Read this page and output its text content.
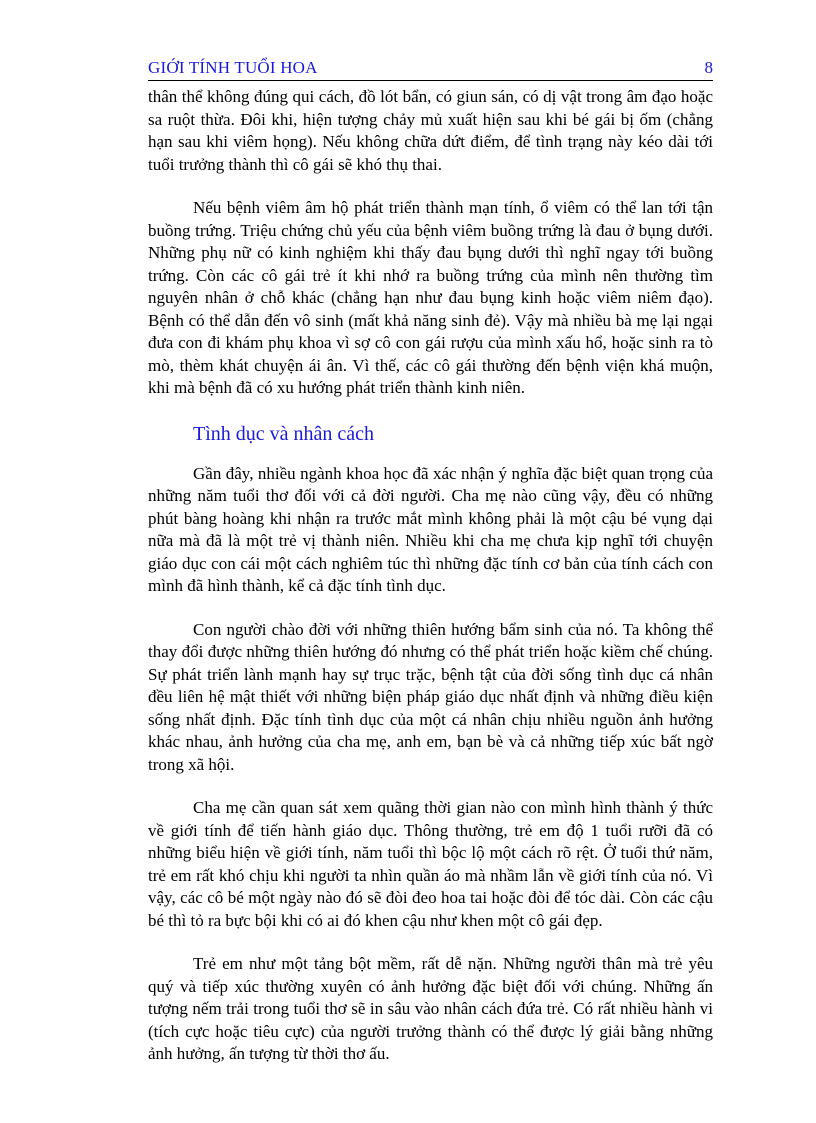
GIỚI TÍNH TUỔI HOA	8

thân thể không đúng qui cách, đồ lót bẩn, có giun sán, có dị vật trong âm đạo hoặc sa ruột thừa. Đôi khi, hiện tượng chảy mủ xuất hiện sau khi bé gái bị ốm (chẳng hạn sau khi viêm họng). Nếu không chữa dứt điểm, để tình trạng này kéo dài tới tuổi trưởng thành thì cô gái sẽ khó thụ thai.

Nếu bệnh viêm âm hộ phát triển thành mạn tính, ổ viêm có thể lan tới tận buồng trứng. Triệu chứng chủ yếu của bệnh viêm buồng trứng là đau ở bụng dưới. Những phụ nữ có kinh nghiệm khi thấy đau bụng dưới thì nghĩ ngay tới buồng trứng. Còn các cô gái trẻ ít khi nhớ ra buồng trứng của mình nên thường tìm nguyên nhân ở chỗ khác (chẳng hạn như đau bụng kinh hoặc viêm niêm đạo). Bệnh có thể dẫn đến vô sinh (mất khả năng sinh đẻ). Vậy mà nhiều bà mẹ lại ngại đưa con đi khám phụ khoa vì sợ cô con gái rượu của mình xấu hổ, hoặc sinh ra tò mò, thèm khát chuyện ái ân. Vì thế, các cô gái thường đến bệnh viện khá muộn, khi mà bệnh đã có xu hướng phát triển thành kinh niên.

Tình dục và nhân cách

Gần đây, nhiều ngành khoa học đã xác nhận ý nghĩa đặc biệt quan trọng của những năm tuổi thơ đối với cả đời người. Cha mẹ nào cũng vậy, đều có những phút bàng hoàng khi nhận ra trước mắt mình không phải là một cậu bé vụng dại nữa mà đã là một trẻ vị thành niên. Nhiều khi cha mẹ chưa kịp nghĩ tới chuyện giáo dục con cái một cách nghiêm túc thì những đặc tính cơ bản của tính cách con mình đã hình thành, kể cả đặc tính tình dục.

Con người chào đời với những thiên hướng bẩm sinh của nó. Ta không thể thay đổi được những thiên hướng đó nhưng có thể phát triển hoặc kiềm chế chúng. Sự phát triển lành mạnh hay sự trục trặc, bệnh tật của đời sống tình dục cá nhân đều liên hệ mật thiết với những biện pháp giáo dục nhất định và những điều kiện sống nhất định. Đặc tính tình dục của một cá nhân chịu nhiều nguồn ảnh hưởng khác nhau, ảnh hưởng của cha mẹ, anh em, bạn bè và cả những tiếp xúc bất ngờ trong xã hội.

Cha mẹ cần quan sát xem quãng thời gian nào con mình hình thành ý thức về giới tính để tiến hành giáo dục. Thông thường, trẻ em độ 1 tuổi rưỡi đã có những biểu hiện về giới tính, năm tuổi thì bộc lộ một cách rõ rệt. Ở tuổi thứ năm, trẻ em rất khó chịu khi người ta nhìn quần áo mà nhầm lẫn về giới tính của nó. Vì vậy, các cô bé một ngày nào đó sẽ đòi đeo hoa tai hoặc đòi để tóc dài. Còn các cậu bé thì tỏ ra bực bội khi có ai đó khen cậu như khen một cô gái đẹp.

Trẻ em như một tảng bột mềm, rất dễ nặn. Những người thân mà trẻ yêu quý và tiếp xúc thường xuyên có ảnh hưởng đặc biệt đối với chúng. Những ấn tượng nếm trải trong tuổi thơ sẽ in sâu vào nhân cách đứa trẻ. Có rất nhiều hành vi (tích cực hoặc tiêu cực) của người trưởng thành có thể được lý giải bằng những ảnh hưởng, ấn tượng từ thời thơ ấu.
